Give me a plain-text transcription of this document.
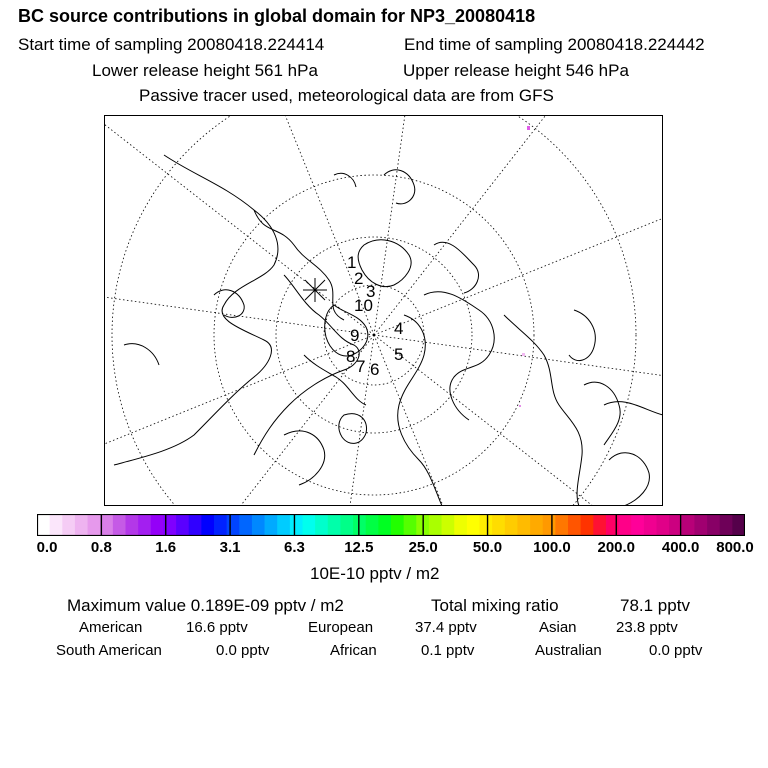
BC source contributions in global domain for NP3_20080418
Start time of sampling 20080418.224414	End time of sampling 20080418.224442
Lower release height 561 hPa	Upper release height 546 hPa
Passive tracer used, meteorological data are from GFS
1
2
3
4
5
6
7
8
9
10
0.0 0.8	1.6	3.1	6.3	12.5 25.0 50.0 100.0 200.0 400.0 800.0
10E-10 pptv / m2
Maximum value 0.189E-09 pptv / m2	Total mixing ratio	78.1 pptv
American	16.6 pptv	European	37.4 pptv	Asian	23.8 pptv
South American	0.0 pptv	African	0.1 pptv	Australian	0.0 pptv
